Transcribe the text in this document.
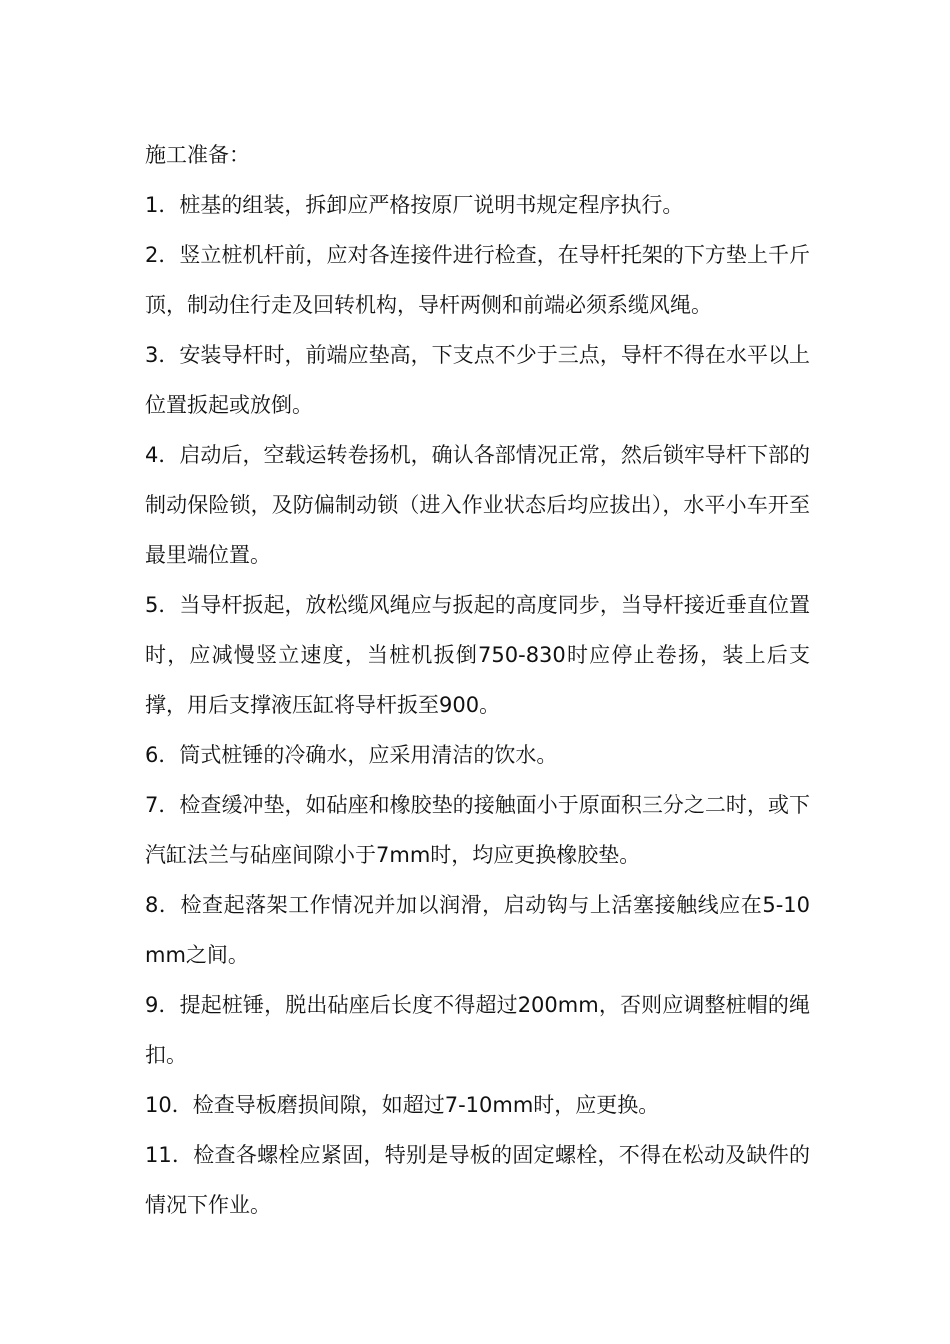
施工准备：

1．桩基的组装，拆卸应严格按原厂说明书规定程序执行。

2．竖立桩机杆前，应对各连接件进行检查，在导杆托架的下方垫上千斤顶，制动住行走及回转机构，导杆两侧和前端必须系缆风绳。

3．安装导杆时，前端应垫高，下支点不少于三点，导杆不得在水平以上位置扳起或放倒。

4．启动后，空载运转卷扬机，确认各部情况正常，然后锁牢导杆下部的制动保险锁，及防偏制动锁（进入作业状态后均应拔出），水平小车开至最里端位置。

5．当导杆扳起，放松缆风绳应与扳起的高度同步，当导杆接近垂直位置时，应减慢竖立速度，当桩机扳倒750-830时应停止卷扬，装上后支撑，用后支撑液压缸将导杆扳至900。

6．筒式桩锤的冷确水，应采用清洁的饮水。

7．检查缓冲垫，如砧座和橡胶垫的接触面小于原面积三分之二时，或下汽缸法兰与砧座间隙小于7mm时，均应更换橡胶垫。

8．检查起落架工作情况并加以润滑，启动钩与上活塞接触线应在5-10mm之间。

9．提起桩锤，脱出砧座后长度不得超过200mm，否则应调整桩帽的绳扣。

10．检查导板磨损间隙，如超过7-10mm时，应更换。

11．检查各螺栓应紧固，特别是导板的固定螺栓，不得在松动及缺件的情况下作业。
